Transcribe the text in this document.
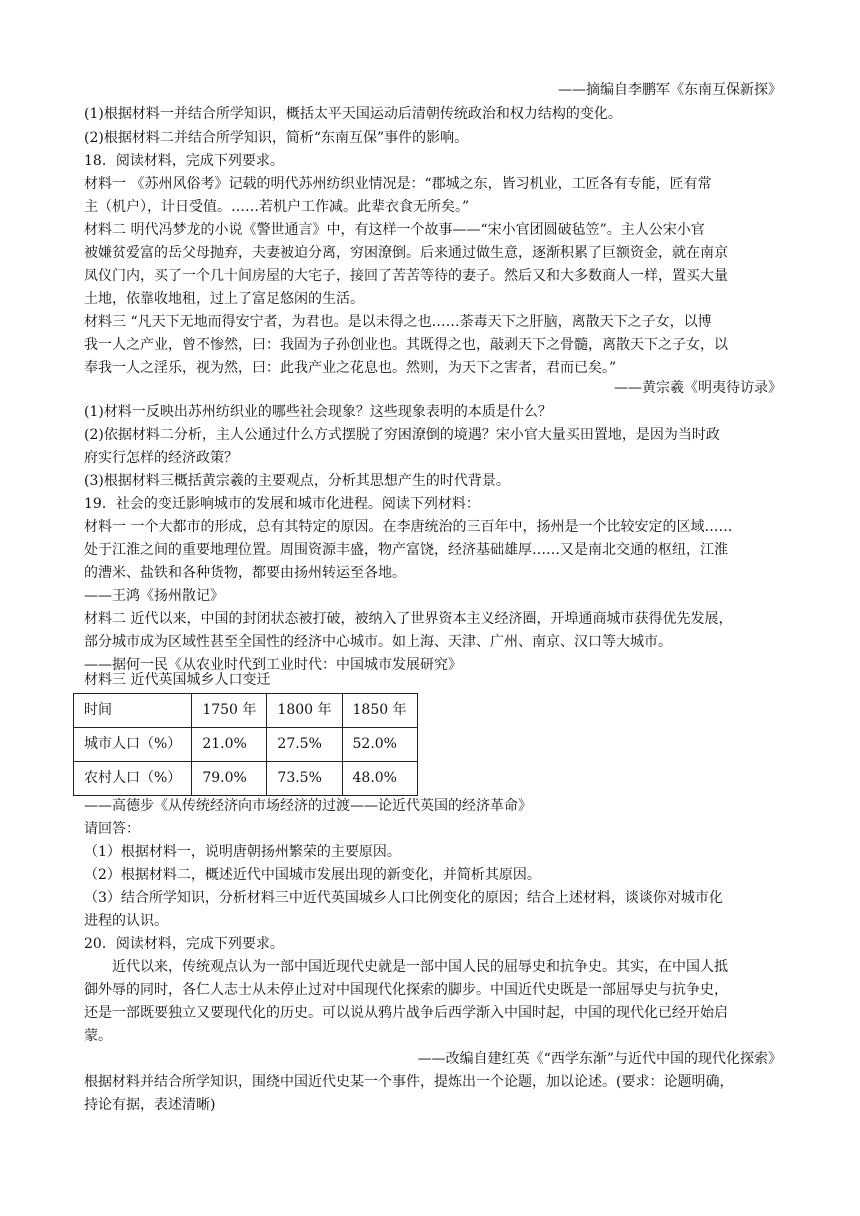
——摘编自李鹏军《东南互保新探》
(1)根据材料一并结合所学知识，概括太平天国运动后清朝传统政治和权力结构的变化。
(2)根据材料二并结合所学知识，简析“东南互保”事件的影响。
18．阅读材料，完成下列要求。
材料一 《苏州风俗考》记载的明代苏州纺织业情况是：“郡城之东，皆习机业，工匠各有专能，匠有常
主（机户），计日受值。……若机户工作减。此辈衣食无所矣。”
材料二 明代冯梦龙的小说《警世通言》中，有这样一个故事——“宋小官团圆破毡笠”。主人公宋小官
被嫌贫爱富的岳父母抛弃，夫妻被迫分离，穷困潦倒。后来通过做生意，逐渐积累了巨额资金，就在南京
凤仪门内，买了一个几十间房屋的大宅子，接回了苦苦等待的妻子。然后又和大多数商人一样，置买大量
土地，依靠收地租，过上了富足悠闲的生活。
材料三 “凡天下无地而得安宁者，为君也。是以未得之也……荼毒天下之肝脑，离散天下之子女，以博
我一人之产业，曾不惨然，曰：我固为子孙创业也。其既得之也，敲剥天下之骨髓，离散天下之子女，以
奉我一人之淫乐，视为然，曰：此我产业之花息也。然则，为天下之害者，君而已矣。”
——黄宗羲《明夷待访录》
(1)材料一反映出苏州纺织业的哪些社会现象？这些现象表明的本质是什么？
(2)依据材料二分析，主人公通过什么方式摆脱了穷困潦倒的境遇？宋小官大量买田置地，是因为当时政
府实行怎样的经济政策？
(3)根据材料三概括黄宗羲的主要观点，分析其思想产生的时代背景。
19．社会的变迁影响城市的发展和城市化进程。阅读下列材料：
材料一 一个大都市的形成，总有其特定的原因。在李唐统治的三百年中，扬州是一个比较安定的区域……
处于江淮之间的重要地理位置。周围资源丰盛，物产富饶，经济基础雄厚……又是南北交通的枢纽，江淮
的漕米、盐铁和各种货物，都要由扬州转运至各地。
——王鸿《扬州散记》
材料二 近代以来，中国的封闭状态被打破，被纳入了世界资本主义经济圈，开埠通商城市获得优先发展，
部分城市成为区域性甚至全国性的经济中心城市。如上海、天津、广州、南京、汉口等大城市。
——据何一民《从农业时代到工业时代：中国城市发展研究》
材料三 近代英国城乡人口变迁
时间	1750 年	1800 年	1850 年
城市人口（%）	21.0%	27.5%	52.0%
农村人口（%）	79.0%	73.5%	48.0%
——高德步《从传统经济向市场经济的过渡——论近代英国的经济革命》
请回答：
（1）根据材料一，说明唐朝扬州繁荣的主要原因。
（2）根据材料二，概述近代中国城市发展出现的新变化，并简析其原因。
（3）结合所学知识，分析材料三中近代英国城乡人口比例变化的原因；结合上述材料，谈谈你对城市化
进程的认识。
20．阅读材料，完成下列要求。
近代以来，传统观点认为一部中国近现代史就是一部中国人民的屈辱史和抗争史。其实，在中国人抵
御外辱的同时，各仁人志士从未停止过对中国现代化探索的脚步。中国近代史既是一部屈辱史与抗争史，
还是一部既要独立又要现代化的历史。可以说从鸦片战争后西学渐入中国时起，中国的现代化已经开始启
蒙。
——改编自建红英《“西学东渐”与近代中国的现代化探索》
根据材料并结合所学知识，围绕中国近代史某一个事件，提炼出一个论题，加以论述。(要求：论题明确，
持论有据，表述清晰)
